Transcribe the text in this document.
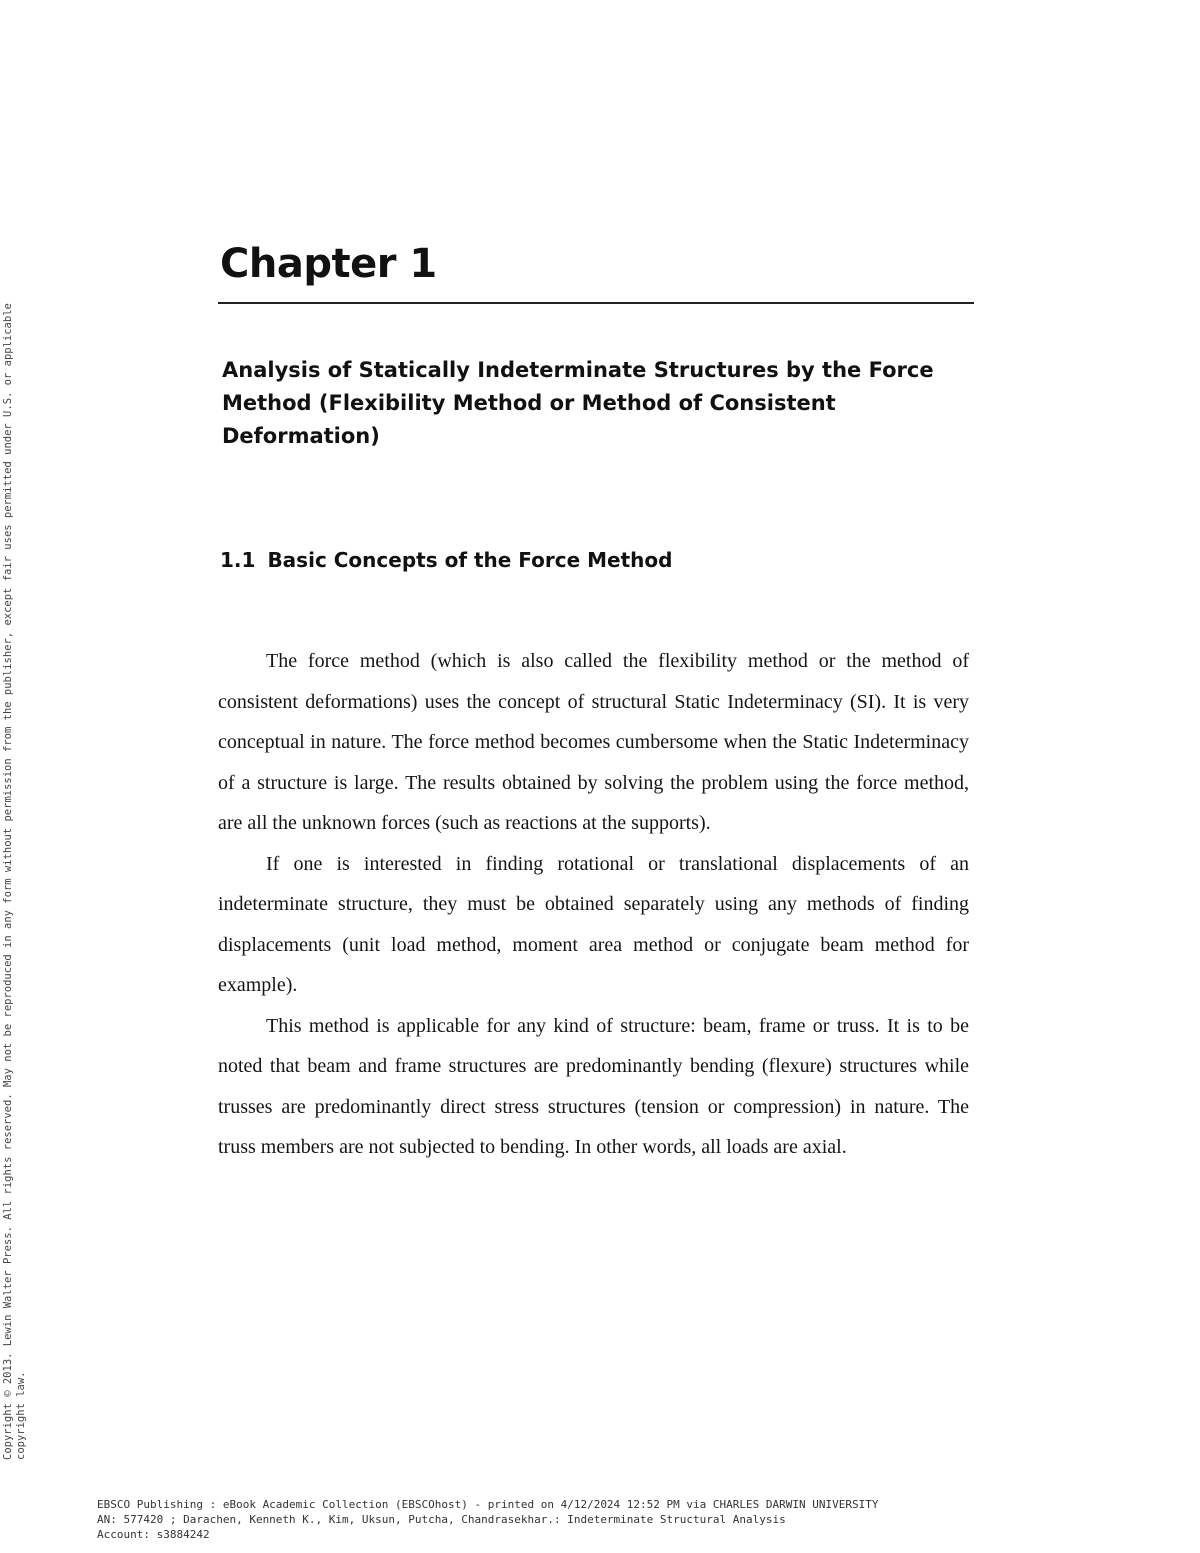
Copyright © 2013. Lewin Walter Press. All rights reserved. May not be reproduced in any form without permission from the publisher, except fair uses permitted under U.S. or applicable copyright law.
Chapter 1
Analysis of Statically Indeterminate Structures by the Force Method (Flexibility Method or Method of Consistent Deformation)
1.1 Basic Concepts of the Force Method

The force method (which is also called the flexibility method or the method of consistent deformations) uses the concept of structural Static Indeterminacy (SI). It is very conceptual in nature. The force method becomes cumbersome when the Static Indeterminacy of a structure is large. The results obtained by solving the problem using the force method, are all the unknown forces (such as reactions at the supports).

If one is interested in finding rotational or translational displacements of an indeterminate structure, they must be obtained separately using any methods of finding displacements (unit load method, moment area method or conjugate beam method for example).

This method is applicable for any kind of structure: beam, frame or truss. It is to be noted that beam and frame structures are predominantly bending (flexure) structures while trusses are predominantly direct stress structures (tension or compression) in nature. The truss members are not subjected to bending. In other words, all loads are axial.

EBSCO Publishing : eBook Academic Collection (EBSCOhost) - printed on 4/12/2024 12:52 PM via CHARLES DARWIN UNIVERSITY
AN: 577420 ; Darachen, Kenneth K., Kim, Uksun, Putcha, Chandrasekhar.: Indeterminate Structural Analysis
Account: s3884242
